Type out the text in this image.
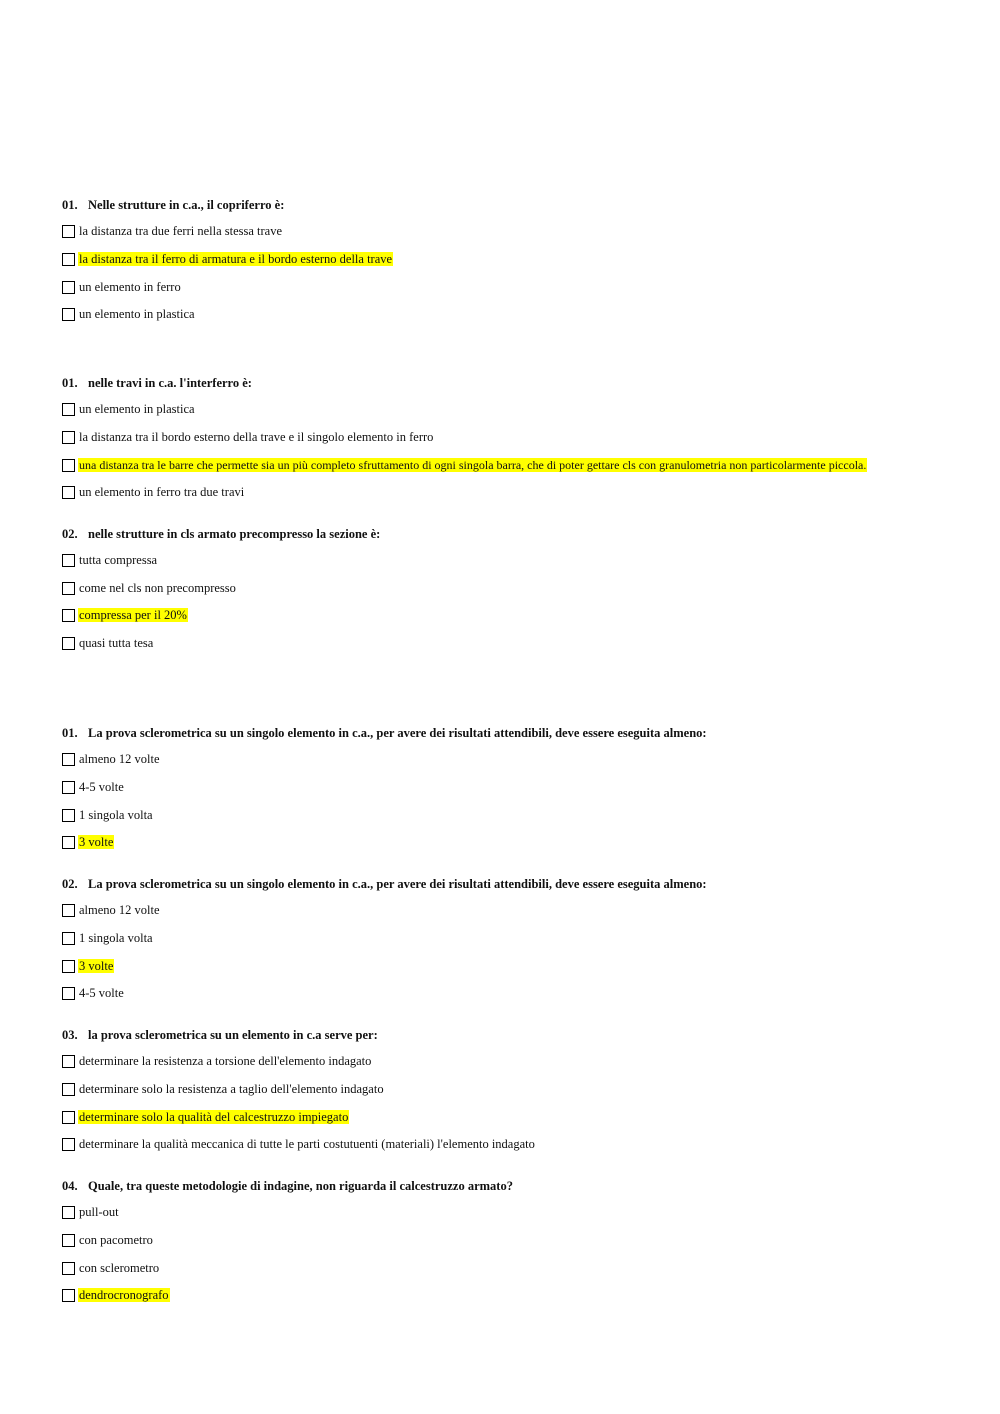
01. Nelle strutture in c.a., il copriferro è:
la distanza tra due ferri nella stessa trave
la distanza tra il ferro di armatura e il bordo esterno della trave
un elemento in ferro
un elemento in plastica
01. nelle travi in c.a. l'interferro è:
un elemento in plastica
la distanza tra il bordo esterno della trave e il singolo elemento in ferro
una distanza tra le barre che permette sia un più completo sfruttamento di ogni singola barra, che di poter gettare cls con granulometria non particolarmente piccola.
un elemento in ferro tra due travi
02. nelle strutture in cls armato precompresso la sezione è:
tutta compressa
come nel cls non precompresso
compressa per il 20%
quasi tutta tesa
01. La prova sclerometrica su un singolo elemento in c.a., per avere dei risultati attendibili, deve essere eseguita almeno:
almeno 12 volte
4-5 volte
1 singola volta
3 volte
02. La prova sclerometrica su un singolo elemento in c.a., per avere dei risultati attendibili, deve essere eseguita almeno:
almeno 12 volte
1 singola volta
3 volte
4-5 volte
03. la prova sclerometrica su un elemento in c.a serve per:
determinare la resistenza a torsione dell'elemento indagato
determinare solo la resistenza a taglio dell'elemento indagato
determinare solo la qualità del calcestruzzo impiegato
determinare la qualità meccanica di tutte le parti costutuenti (materiali) l'elemento indagato
04. Quale, tra queste metodologie di indagine, non riguarda il calcestruzzo armato?
pull-out
con pacometro
con sclerometro
dendrocronografo
